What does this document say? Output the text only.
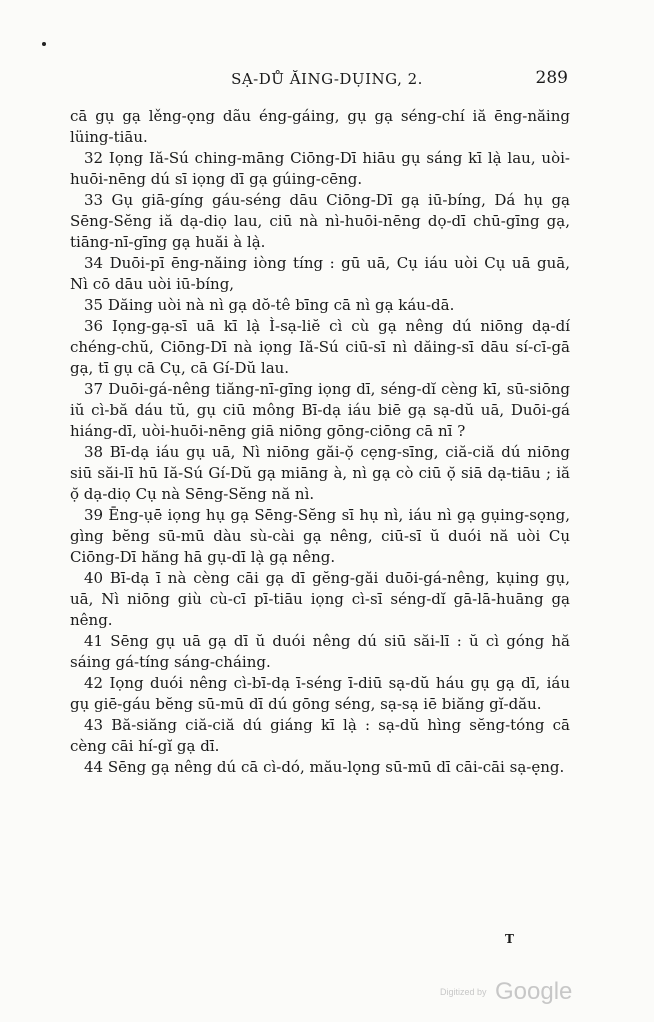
SẠ-DŮ ĂING-DỤING, 2.	289

cā gụ gạ lěng-ọ̣ng dãu éng-gáing, gụ gạ séng-chí iă ēng-năing lüing-tiāu.

32 Iọng Iă-Sú ching-māng Ciōng-Dī hiāu gụ sáng kī lạ̀ lau, uòi-huōi-nēng dú sī iọng dī gạ gúing-cēng.

33 Gụ giā-gíng gáu-séng dāu Ciōng-Dī gạ iū-bíng, Dá hụ gạ Sēng-Sĕng iă dạ-diọ lau, ciū nà nì-huōi-nēng dọ-dī chū-gīng gạ, tiāng-nī-gīng gạ huăi à lạ̀.

34 Duōi-pī ēng-năing iòng tíng : gū uā, Cụ iáu uòi Cụ uā guā, Nì cō dāu uòi iū-bíng,

35 Dăing uòi nà nì gạ dŏ-tê bīng cā nì gạ káu-dā.

36 Iọng-gạ-sī uā kī lạ̀ Ì-sạ-liĕ cì cù gạ nêng dú niōng dạ-dí chéng-chŭ, Ciōng-Dī nà iọng Iă-Sú ciū-sī nì dăing-sī dāu sí-cī-gā gạ, tī gụ cā Cụ, cā Gí-Dŭ lau.

37 Duōi-gá-nêng tiăng-nī-gīng iọng dī, séng-dĭ cèng kī, sū-siōng iŭ cì-bă dáu tŭ, gụ ciū mông Bī-dạ iáu biē gạ sạ-dŭ uā, Duōi-gá hiáng-dī, uòi-huōi-nēng giā niōng gōng-ciōng cā nī ?

38 Bī-dạ iáu gụ uā, Nì niōng găi-ọ̆ cẹng-sīng, ciă-ciă dú niōng siū săi-lī hū Iă-Sú Gí-Dŭ gạ miāng à, nì gạ cò ciū ọ̆ siā dạ-tiāu ; iă ọ̆ dạ-diọ Cụ nà Sēng-Sĕng nă nì.

39 Ēng-ụē iọng hụ gạ Sēng-Sĕng sī hụ nì, iáu nì gạ gụing-sọ̣ng, gìng bĕng sū-mū dàu sù-cài gạ nêng, ciū-sī ŭ duói nă uòi Cụ Ciōng-Dī hăng hā gụ-dī lạ̀ gạ nêng.

40 Bī-dạ ī nà cèng cāi gạ dī gĕng-găi duōi-gá-nêng, kụing gụ, uā, Nì niōng giù cù-cī pī-tiāu iọng cì-sī séng-dĭ gā-lā-huāng gạ nêng.

41 Sēng gụ uā gạ dī ŭ duói nêng dú siū săi-lī : ŭ cì góng hă sáing gá-tíng sáng-cháing.

42 Iọng duói nêng cì-bī-dạ ī-séng ī-diū sạ-dŭ háu gụ gạ dī, iáu gụ giē-gáu bĕng sū-mū dī dú gōng séng, sạ-sạ iē biăng gĭ-dău.

43 Bă-siăng ciă-ciă dú giáng kī lạ̀ : sạ-dŭ hìng sĕng-tóng cā cèng cāi hí-gĭ gạ dī.

44 Sēng gạ nêng dú cā cì-dó, mău-lọ̣ng sū-mū dī cāi-cāi sạ-ẹ̣ng.

T
Digitized by Google
